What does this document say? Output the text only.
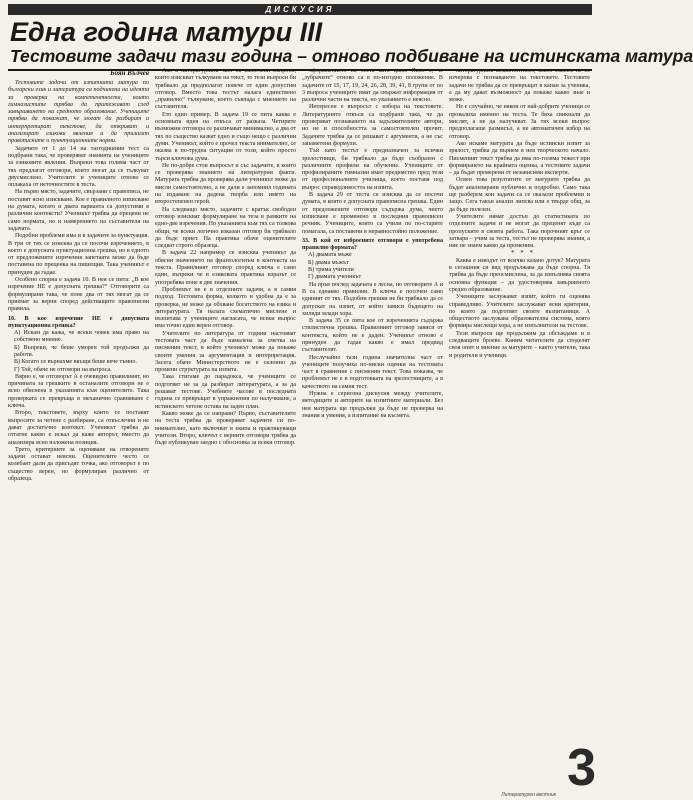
ДИСКУСИЯ
Една година матури ІІІ
Тестовите задачи тази година – отново подбиване на истинската матура
Боян Вълчев

Тестовите задачи от изпитната матура по български език и литература са подчинени на идеята за проверка на компетентности, които гимназистите трябва да притежават след завършването на средното образование. Учениците трябва да покажат, че могат да разбират и интерпретират текстове, да откриват и анализират езикови явления и да прилагат правописните и пунктуационните норми.

Задачите от 1 до 14 на тазгодишния тест са подбрани така, че проверяват знанията на учениците за езиковите явления. Въпреки това голяма част от тях предлагат отговори, които могат да се тълкуват двусмислено. Учителите и учениците отново се оплакаха от неточностите в теста.

На първо място, задачите, свързани с правописа, не поставят ясно изискване. Кое е правилното изписване на думата, когато и двата варианта са допустими в различни контексти? Ученикът трябва да прецени не само нормата, но и намерението на съставителя на задачата.

Подобни проблеми има и в задачите за пунктуация. В три от тях се изисква да се посочи изречението, в което е допусната пунктуационна грешка, но в едното от предложените изречения запетаята може да бъде поставена по преценка на пишещия. Така ученикът е принуден да гадае.

Особено спорна е задача 10. В нея се пита: „В кое изречение НЕ е допусната грешка?“ Отговорите са формулирани така, че поне два от тях могат да се приемат за верни според действащите правописни правила.

10. В кое изречение НЕ е допусната пунктуационна грешка?

А) Искам да кажа, че всеки човек има право на собствено мнение.

Б) Въпреки, че беше уморен той продължи да работи.

В) Когато се върнахме вкъщи беше вече тъмно.

Г) Той, обаче не отговори на въпроса.

Вярно е, че отговорът А е очевидно правилният, но причината за грешките в останалите отговори не е ясно обяснена в указанията към оценителите. Така проверката се превръща в механично сравняване с ключа.

Второ, текстовете, върху които се поставят въпросите за четене с разбиране, са откъслечни и не дават достатъчно контекст. Ученикът трябва да отгатне какво е искал да каже авторът, вместо да анализира ясно изложена позиция.

Трето, критериите за оценяване на отворените задачи остават неясни. Оценителите често се колебаят дали да присъдят точка, ако отговорът е по същество верен, но формулиран различно от образеца.

Ако в литературната част са включени въпроси, които изискват тълкуване на текст, то тези въпроси би трябвало да предполагат повече от един допустим отговор. Вместо това тестът налага единствено „правилно“ тълкуване, което съвпада с мнението на съставителя.

Ето един пример. В задача 19 се пита каква е основната идея на откъса от разказа. Четирите възможни отговора се различават минимално, а два от тях по същество казват едно и също нещо с различни думи. Ученикът, който е прочел текста внимателно, се оказва в по-трудна ситуация от този, който просто търси ключова дума.

Не по-добре стои въпросът и със задачите, в които се проверява знанието на литературни факти. Матурата трябва да проверява дали ученикът може да мисли самостоятелно, а не дали е запомнил годината на издаване на дадена творба или името на второстепенен герой.

На следващо място, задачите с кратък свободен отговор изискват формулиране на теза в рамките на едно-две изречения. Но указанията към тях са толкова общи, че всеки логично изказан отговор би трябвало да бъде приет. На практика обаче оценителите следват строго образеца.

В задача 22 например се изисква ученикът да обясни значението на фразеологизъм в контекста на текста. Правилният отговор според ключа е само един, въпреки че в езиковата практика изразът се употребява поне в две значения.

Проблемът не е в отделните задачи, а в самия подход. Тестовата форма, колкото и удобна да е за проверка, не може да обхване богатството на езика и литературата. Тя налага схематично мислене и възпитава у учениците нагласата, че всеки въпрос има точно един верен отговор.

Учителите по литература от години настояват тестовата част да бъде намалена за сметка на писмения текст, в който ученикът може да покаже своите умения за аргументация и интерпретация. Засега обаче Министерството не е склонно да промени структурата на изпита.

Така стигаме до парадокса, че учениците се подготвят не за да разбират литературата, а за да решават тестове. Учебните часове в последната година се превръщат в упражнения по налучкване, а истинското четене остава на заден план.

Какво може да се направи? Първо, съставителите на теста трябва да проверяват задачите си по-внимателно, като включват в екипа и практикуващи учители. Второ, ключът с верните отговори трябва да бъде публикуван заедно с обосновка за всеки отговор.

оформлението на теста като цяло. Ясно е, че „зубрачите“ отново са в по-изгодно положение. В задачите от 15, 17, 19, 24, 26, 28, 39, 41, 8 групи от по 3 въпроса учениците имат да свържат информация от различни части на текста, но указанието е неясно.

Интересен е въпросът с избора на текстовете. Литературните откъси са подбрани така, че да проверяват познаването на задължителните автори, но не и способността за самостоятелен прочит. Задачите трябва да се решават с аргументи, а не със запаметени формули.

Тъй като тестът е предназначен за всички зрелостници, би трябвало да бъде съобразен с различните профили на обучение. Учениците от профилираните гимназии имат предимство пред тези от професионалните училища, което поставя под въпрос справедливостта на изпита.

В задача 29 от теста се изисква да се посочи думата, в която е допусната правописна грешка. Един от предложените отговори съдържа дума, чието изписване е променено в последния правописен речник. Учениците, които са учили по по-старите помагала, са поставени в неравностойно положение.

33. В кой от изброените отговори е употребена правилно формата?

А) двамата мъже

Б) двама мъжът

В) трима учители

Г) двамата ученикът

На пръв поглед задачата е лесна, но отговорите А и В са еднакво правилни. В ключа е посочен само единият от тях. Подобни грешки не би трябвало да се допускат на изпит, от който зависи бъдещето на хиляди млади хора.

В задача 35 се пита кое от изреченията съдържа стилистична грешка. Правилният отговор зависи от контекста, който не е даден. Ученикът отново е принуден да гадае какво е имал предвид съставителят.

Неслучайно тази година значителна част от учениците получиха по-ниски оценки на тестовата част в сравнение с писмения текст. Това показва, че проблемът не е в подготовката на зрелостниците, а в качеството на самия тест.

Нужна е сериозна дискусия между учителите, методиците и авторите на изпитните материали. Без нея матурата ще продължи да бъде не проверка на знания и умения, а изпитание на късмета.

литературната компетентност, която съвсем не се изчерпва с познаването на текстовете. Тестовите задачи не трябва да се превръщат в капан за ученика, а да му дават възможност да покаже какво знае и може.

Не е случайно, че някои от най-добрите ученици се провалиха именно на теста. Те бяха свикнали да мислят, а не да налучкват. За тях всеки въпрос предполагаше размисъл, а не автоматичен избор на отговор.

Ако искаме матурата да бъде истински изпит за зрялост, трябва да върнем в нея творческото начало. Писменият текст трябва да има по-голяма тежест при формирането на крайната оценка, а тестовите задачи – да бъдат проверени от независими експерти.

Освен това резултатите от матурите трябва да бъдат анализирани публично и подробно. Само така ще разберем кои задачи са се оказали проблемни и защо. Сега такъв анализ липсва или е твърде общ, за да бъде полезен.

Учителите нямат достъп до статистиката по отделните задачи и не могат да преценят къде са пропуските в своята работа. Така порочният кръг се затваря – учим за теста, тестът не проверява знания, а ние не знаем какво да променим.

* * *

Каква е изводът от всичко казано дотук? Матурата в сегашния си вид продължава да бъде спорна. Тя трябва да бъде преосмислена, за да изпълнява своята основна функция – да удостоверява завършеното средно образование.

Учениците заслужават изпит, който ги оценява справедливо. Учителите заслужават ясни критерии, по които да подготвят своите възпитаници. А обществото заслужава образователна система, която формира мислещи хора, а не изпълнители на тестове.

Тези въпроси ще продължим да обсъждаме и в следващите броеве. Каним читателите да споделят своя опит и мнение за матурите – както учители, така и родители и ученици.

Литературен вестник 3
